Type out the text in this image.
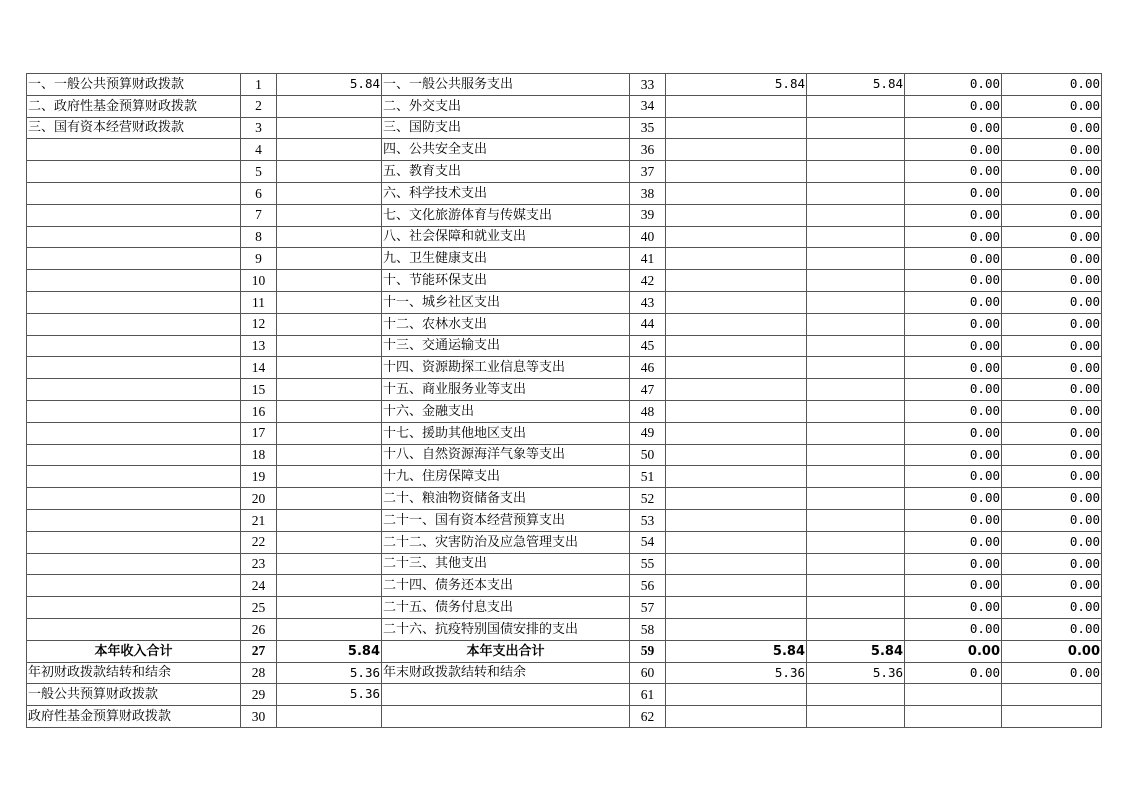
一、一般公共预算财政拨款	1	5.84	一、一般公共服务支出	33	5.84	5.84	0.00	0.00
二、政府性基金预算财政拨款	2		二、外交支出	34			0.00	0.00
三、国有资本经营财政拨款	3		三、国防支出	35			0.00	0.00
	4		四、公共安全支出	36			0.00	0.00
	5		五、教育支出	37			0.00	0.00
	6		六、科学技术支出	38			0.00	0.00
	7		七、文化旅游体育与传媒支出	39			0.00	0.00
	8		八、社会保障和就业支出	40			0.00	0.00
	9		九、卫生健康支出	41			0.00	0.00
	10		十、节能环保支出	42			0.00	0.00
	11		十一、城乡社区支出	43			0.00	0.00
	12		十二、农林水支出	44			0.00	0.00
	13		十三、交通运输支出	45			0.00	0.00
	14		十四、资源勘探工业信息等支出	46			0.00	0.00
	15		十五、商业服务业等支出	47			0.00	0.00
	16		十六、金融支出	48			0.00	0.00
	17		十七、援助其他地区支出	49			0.00	0.00
	18		十八、自然资源海洋气象等支出	50			0.00	0.00
	19		十九、住房保障支出	51			0.00	0.00
	20		二十、粮油物资储备支出	52			0.00	0.00
	21		二十一、国有资本经营预算支出	53			0.00	0.00
	22		二十二、灾害防治及应急管理支出	54			0.00	0.00
	23		二十三、其他支出	55			0.00	0.00
	24		二十四、债务还本支出	56			0.00	0.00
	25		二十五、债务付息支出	57			0.00	0.00
	26		二十六、抗疫特别国债安排的支出	58			0.00	0.00
本年收入合计	27	5.84	本年支出合计	59	5.84	5.84	0.00	0.00
年初财政拨款结转和结余	28	5.36	年末财政拨款结转和结余	60	5.36	5.36	0.00	0.00
一般公共预算财政拨款	29	5.36		61				
政府性基金预算财政拨款	30			62				
